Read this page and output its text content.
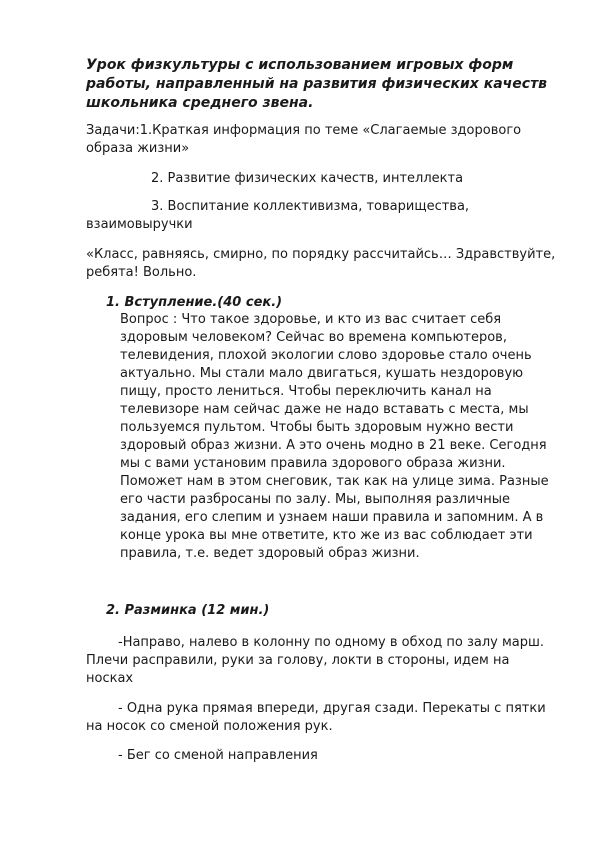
Урок физкультуры с использованием игровых форм работы, направленный на развития физических качеств школьника среднего звена.

Задачи:1.Краткая информация по теме «Слагаемые здорового образа жизни»

2. Развитие физических качеств, интеллекта

3. Воспитание коллективизма, товарищества, взаимовыручки

«Класс, равняясь, смирно, по порядку рассчитайсь… Здравствуйте, ребята! Вольно.

1. Вступление.(40 сек.)

Вопрос : Что такое здоровье, и кто из вас считает себя здоровым человеком? Сейчас во времена компьютеров, телевидения, плохой экологии слово здоровье стало очень актуально. Мы стали мало двигаться, кушать нездоровую пищу, просто лениться. Чтобы переключить канал на телевизоре нам сейчас даже не надо вставать с места, мы пользуемся пультом. Чтобы быть здоровым нужно вести здоровый образ жизни. А это очень модно в 21 веке. Сегодня мы с вами установим правила здорового образа жизни. Поможет нам в этом снеговик, так как на улице зима. Разные его части разбросаны по залу. Мы, выполняя различные задания, его слепим и узнаем наши правила и запомним. А в конце урока вы мне ответите, кто же из вас соблюдает эти правила, т.е. ведет здоровый образ жизни.

2. Разминка (12 мин.)

-Направо, налево в колонну по одному в обход по залу марш. Плечи расправили, руки за голову, локти в стороны, идем на носках

- Одна рука прямая впереди, другая сзади. Перекаты с пятки на носок со сменой положения рук.

- Бег со сменой направления
